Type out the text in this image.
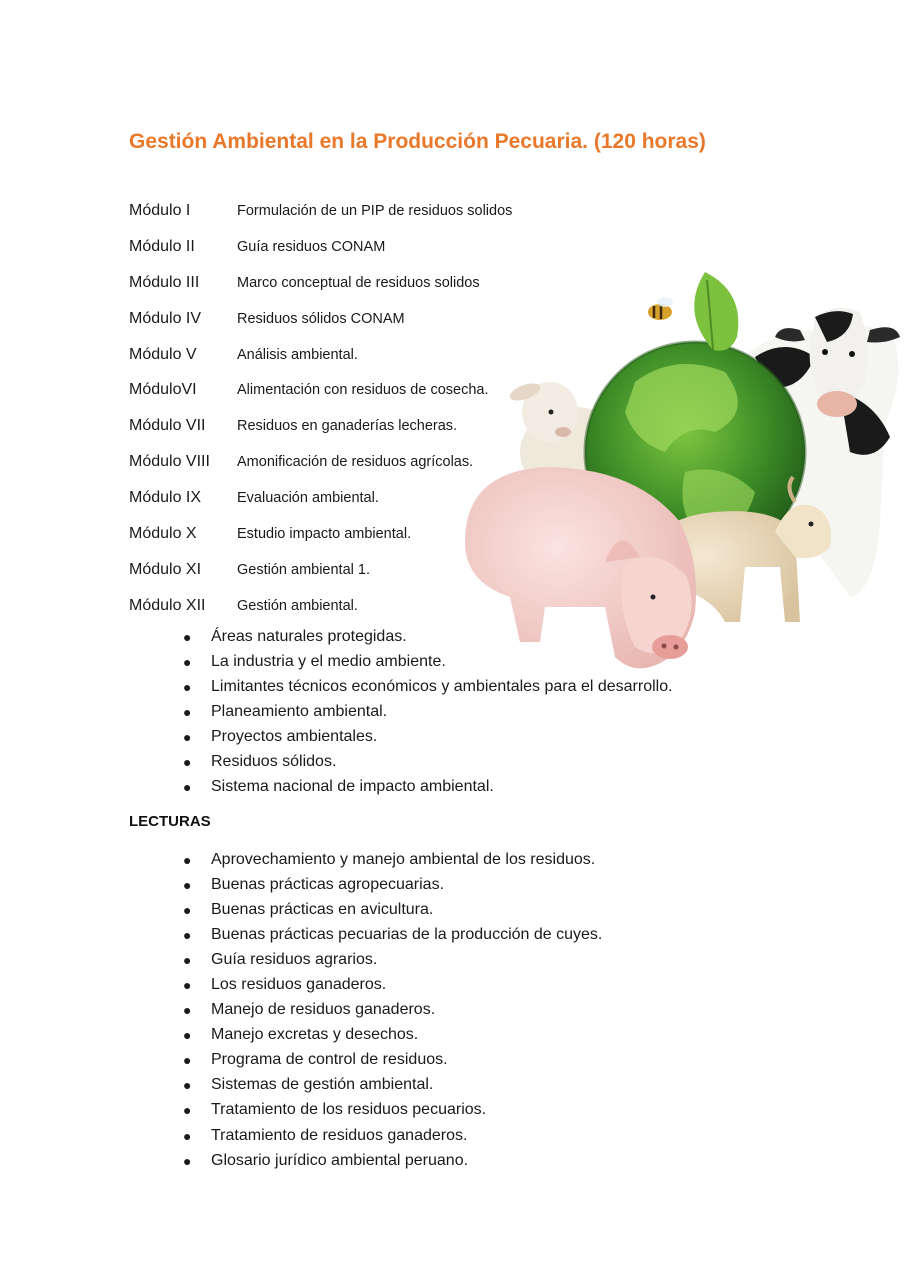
Gestión Ambiental en la Producción Pecuaria. (120 horas)
Módulo I	Formulación de un PIP de residuos solidos
Módulo II	Guía residuos CONAM
Módulo III	Marco conceptual de residuos solidos
Módulo IV	Residuos sólidos CONAM
Módulo V	Análisis ambiental.
MóduloVI	Alimentación con residuos de cosecha.
Módulo VII	Residuos en ganaderías lecheras.
Módulo VIII	Amonificación de residuos agrícolas.
Módulo IX	Evaluación ambiental.
Módulo X	Estudio impacto ambiental.
Módulo XI	Gestión ambiental 1.
Módulo XII	Gestión ambiental.
●	Áreas naturales protegidas.
●	La industria y el medio ambiente.
●	Limitantes técnicos económicos y ambientales para el desarrollo.
●	Planeamiento ambiental.
●	Proyectos ambientales.
●	Residuos sólidos.
●	Sistema nacional de impacto ambiental.
LECTURAS
●	Aprovechamiento y manejo ambiental de los residuos.
●	Buenas prácticas agropecuarias.
●	Buenas prácticas en avicultura.
●	Buenas prácticas pecuarias de la producción de cuyes.
●	Guía residuos agrarios.
●	Los residuos ganaderos.
●	Manejo de residuos ganaderos.
●	Manejo excretas y desechos.
●	Programa de control de residuos.
●	Sistemas de gestión ambiental.
●	Tratamiento de los residuos pecuarios.
●	Tratamiento de residuos ganaderos.
●	Glosario jurídico ambiental peruano.
